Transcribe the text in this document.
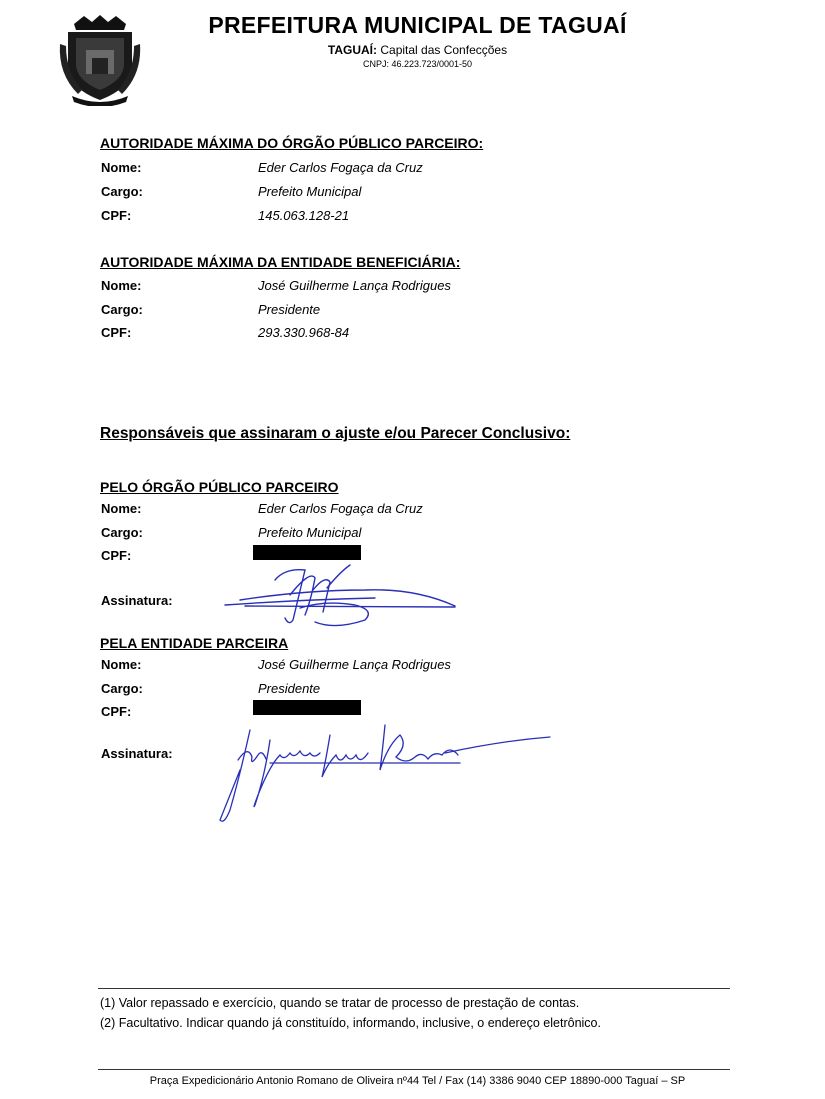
PREFEITURA MUNICIPAL DE TAGUAÍ
TAGUAÍ: Capital das Confecções
CNPJ: 46.223.723/0001-50
AUTORIDADE MÁXIMA DO ÓRGÃO PÚBLICO PARCEIRO:
Nome:	Eder Carlos Fogaça da Cruz
Cargo:	Prefeito Municipal
CPF:	145.063.128-21
AUTORIDADE MÁXIMA DA ENTIDADE BENEFICIÁRIA:
Nome:	José Guilherme Lança Rodrigues
Cargo:	Presidente
CPF:	293.330.968-84
Responsáveis que assinaram o ajuste e/ou Parecer Conclusivo:
PELO ÓRGÃO PÚBLICO PARCEIRO
Nome:	Eder Carlos Fogaça da Cruz
Cargo:	Prefeito Municipal
CPF:
Assinatura:
PELA ENTIDADE PARCEIRA
Nome:	José Guilherme Lança Rodrigues
Cargo:	Presidente
CPF:
Assinatura:
(1) Valor repassado e exercício, quando se tratar de processo de prestação de contas.
(2) Facultativo. Indicar quando já constituído, informando, inclusive, o endereço eletrônico.
Praça Expedicionário Antonio Romano de Oliveira nº44 Tel / Fax (14) 3386 9040 CEP 18890-000 Taguaí – SP
